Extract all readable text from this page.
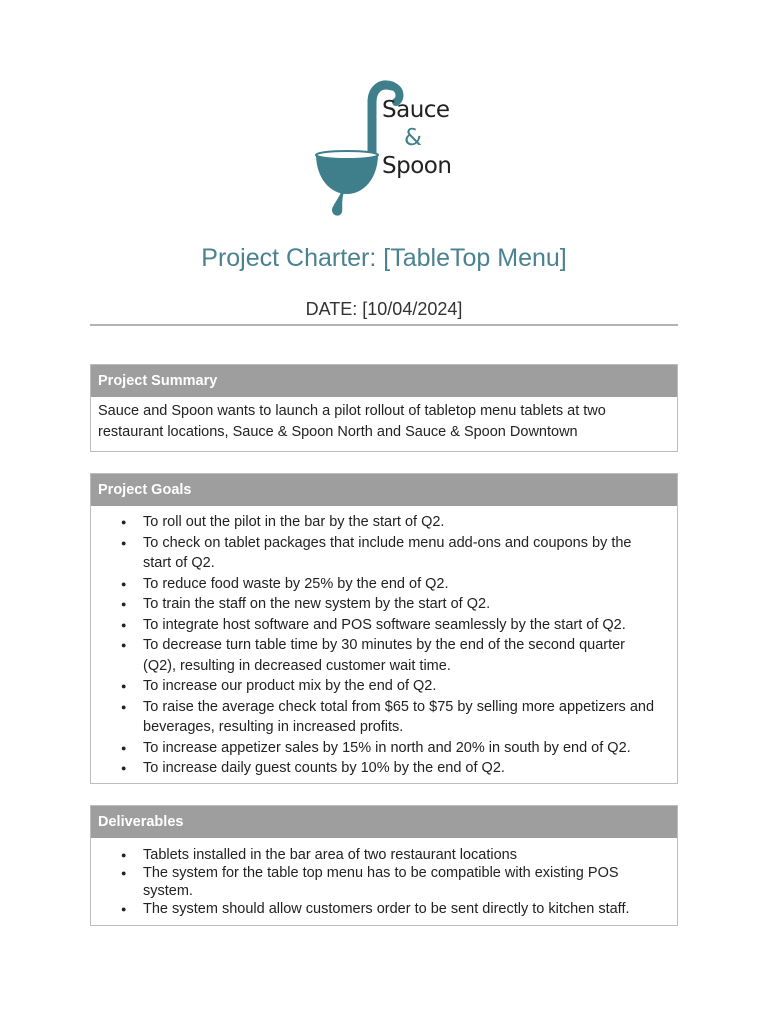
Sauce
&
Spoon
Project Charter: [TableTop Menu]
DATE: [10/04/2024]
Project Summary
Sauce and Spoon wants to launch a pilot rollout of tabletop menu tablets at two restaurant locations, Sauce & Spoon North and Sauce & Spoon Downtown
Project Goals
● To roll out the pilot in the bar by the start of Q2.
● To check on tablet packages that include menu add-ons and coupons by the start of Q2.
● To reduce food waste by 25% by the end of Q2.
● To train the staff on the new system by the start of Q2.
● To integrate host software and POS software seamlessly by the start of Q2.
● To decrease turn table time by 30 minutes by the end of the second quarter (Q2), resulting in decreased customer wait time.
● To increase our product mix by the end of Q2.
● To raise the average check total from $65 to $75 by selling more appetizers and beverages, resulting in increased profits.
● To increase appetizer sales by 15% in north and 20% in south by end of Q2.
● To increase daily guest counts by 10% by the end of Q2.
Deliverables
● Tablets installed in the bar area of two restaurant locations
● The system for the table top menu has to be compatible with existing POS system.
● The system should allow customers order to be sent directly to kitchen staff.
